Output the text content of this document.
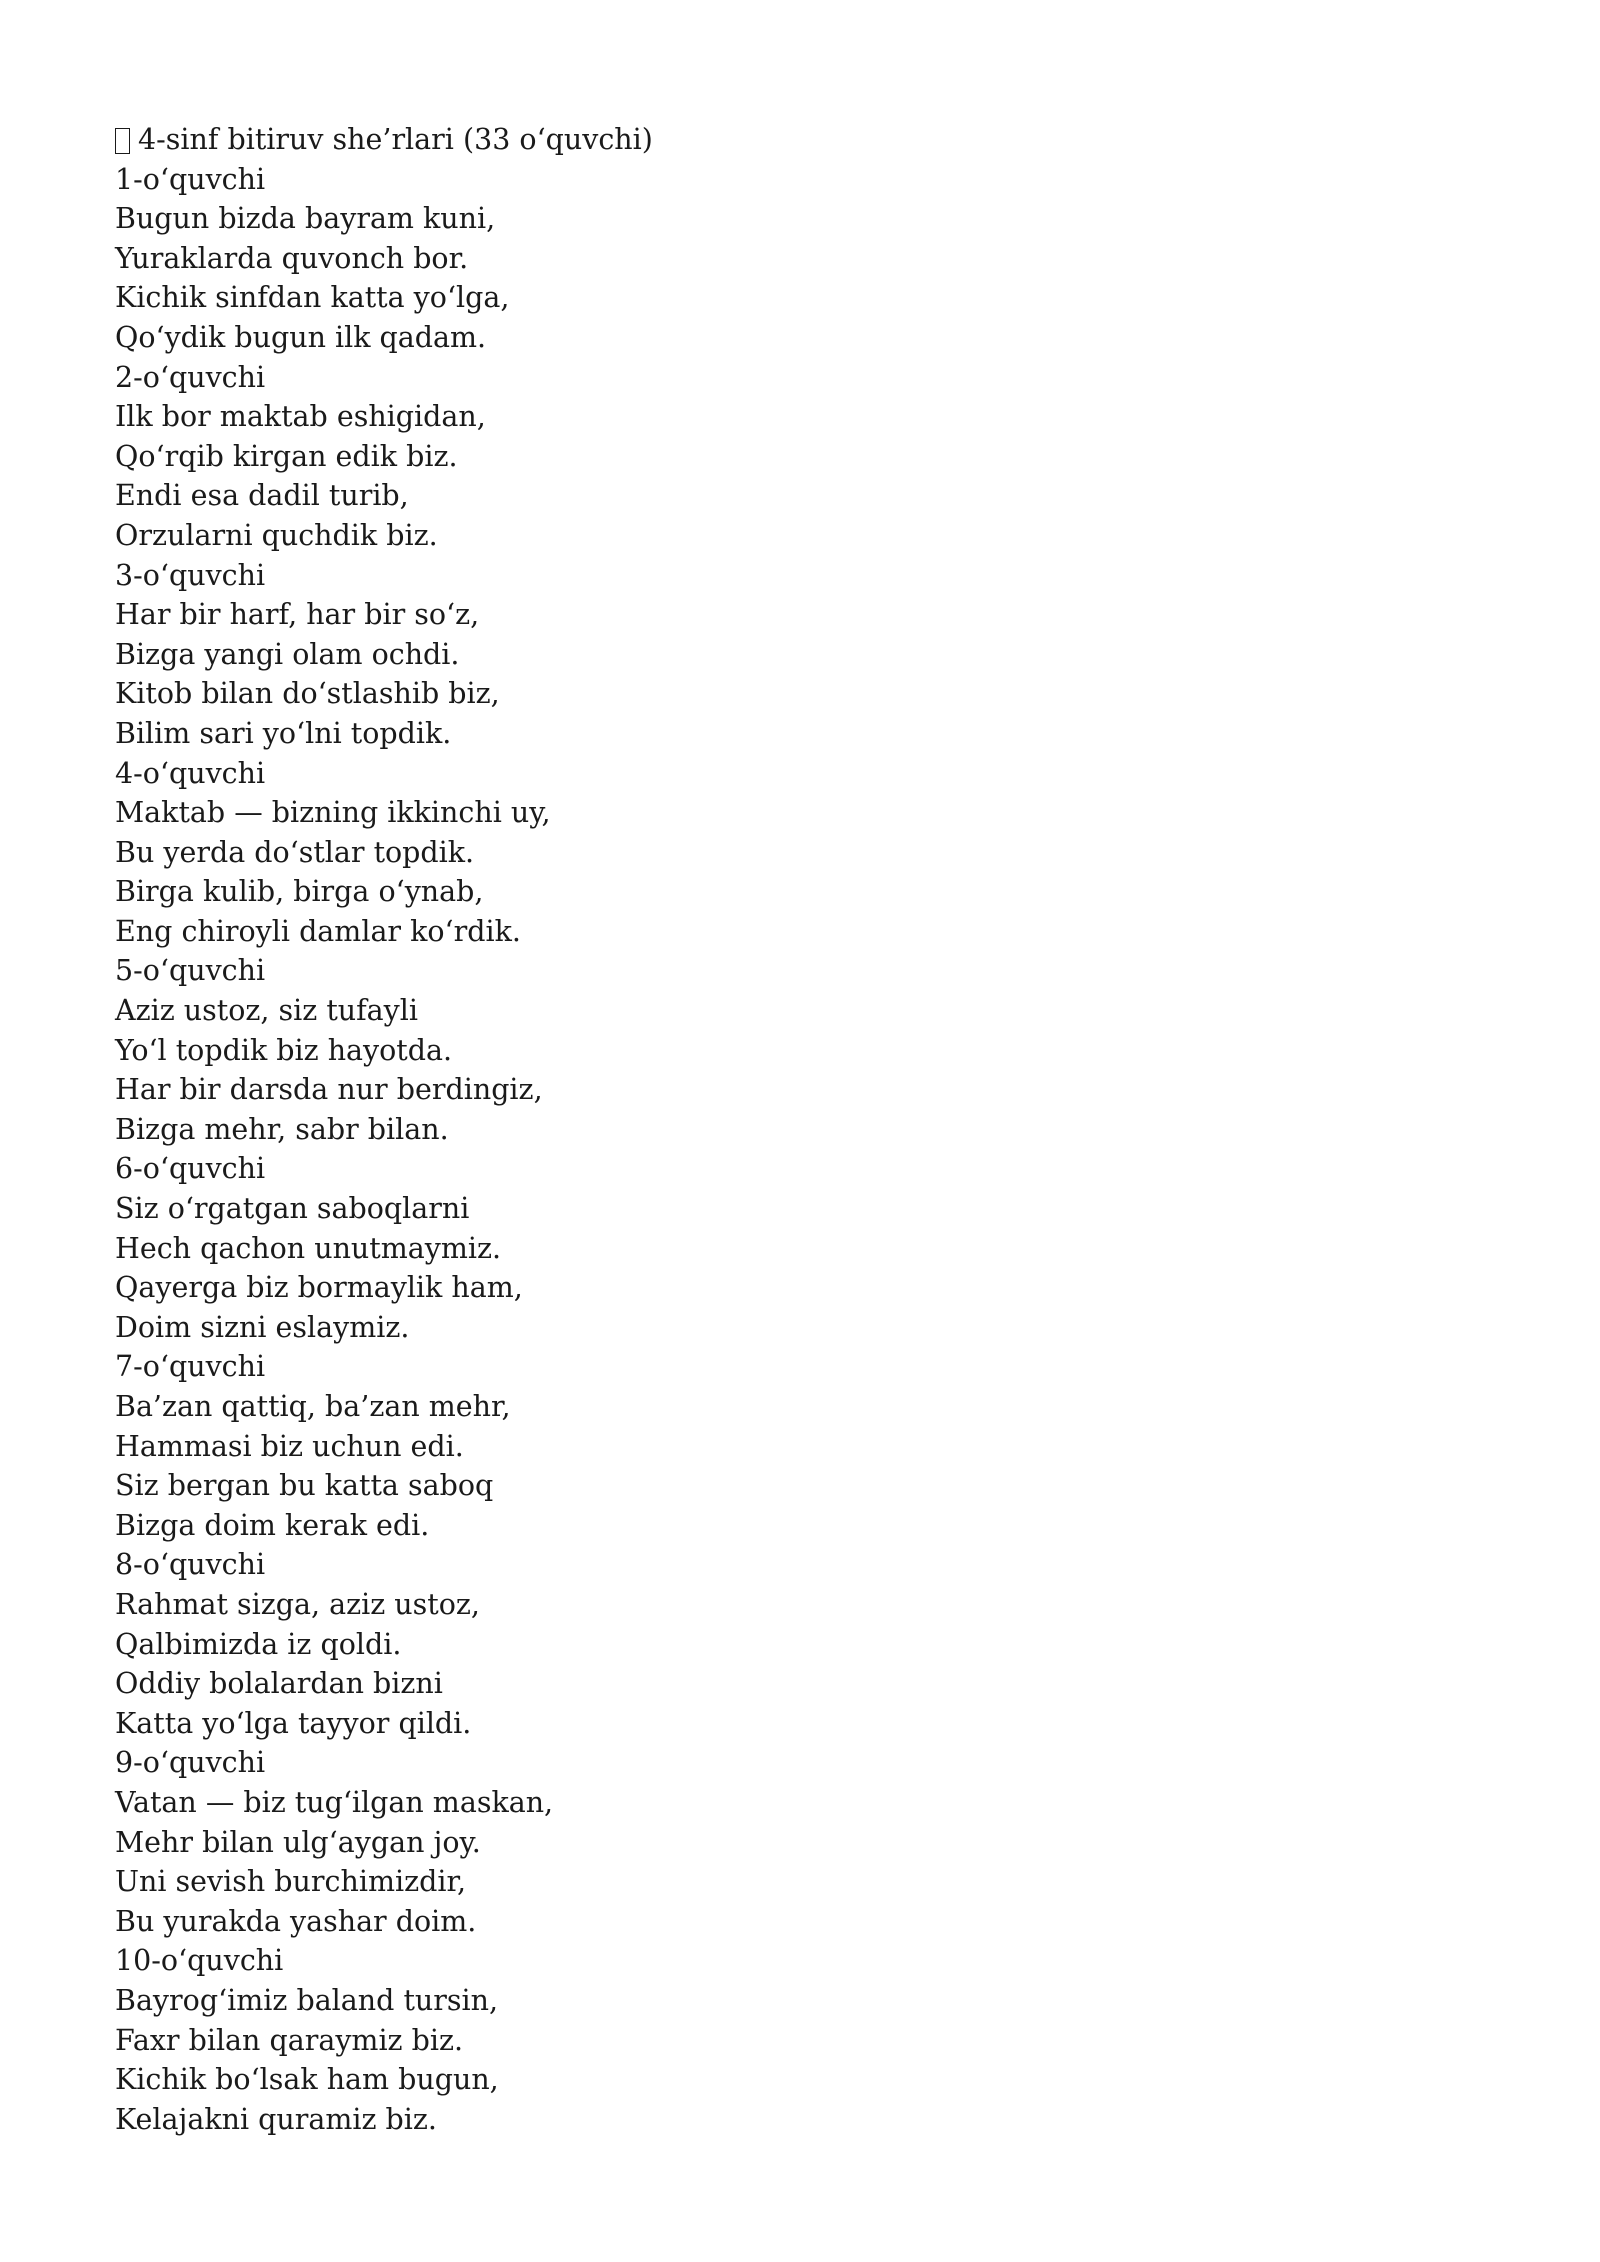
4-sinf bitiruv she’rlari (33 o‘quvchi)
1-o‘quvchi
Bugun bizda bayram kuni,
Yuraklarda quvonch bor.
Kichik sinfdan katta yo‘lga,
Qo‘ydik bugun ilk qadam.
2-o‘quvchi
Ilk bor maktab eshigidan,
Qo‘rqib kirgan edik biz.
Endi esa dadil turib,
Orzularni quchdik biz.
3-o‘quvchi
Har bir harf, har bir so‘z,
Bizga yangi olam ochdi.
Kitob bilan do‘stlashib biz,
Bilim sari yo‘lni topdik.
4-o‘quvchi
Maktab — bizning ikkinchi uy,
Bu yerda do‘stlar topdik.
Birga kulib, birga o‘ynab,
Eng chiroyli damlar ko‘rdik.
5-o‘quvchi
Aziz ustoz, siz tufayli
Yo‘l topdik biz hayotda.
Har bir darsda nur berdingiz,
Bizga mehr, sabr bilan.
6-o‘quvchi
Siz o‘rgatgan saboqlarni
Hech qachon unutmaymiz.
Qayerga biz bormaylik ham,
Doim sizni eslaymiz.
7-o‘quvchi
Ba’zan qattiq, ba’zan mehr,
Hammasi biz uchun edi.
Siz bergan bu katta saboq
Bizga doim kerak edi.
8-o‘quvchi
Rahmat sizga, aziz ustoz,
Qalbimizda iz qoldi.
Oddiy bolalardan bizni
Katta yo‘lga tayyor qildi.
9-o‘quvchi
Vatan — biz tug‘ilgan maskan,
Mehr bilan ulg‘aygan joy.
Uni sevish burchimizdir,
Bu yurakda yashar doim.
10-o‘quvchi
Bayrog‘imiz baland tursin,
Faxr bilan qaraymiz biz.
Kichik bo‘lsak ham bugun,
Kelajakni quramiz biz.
